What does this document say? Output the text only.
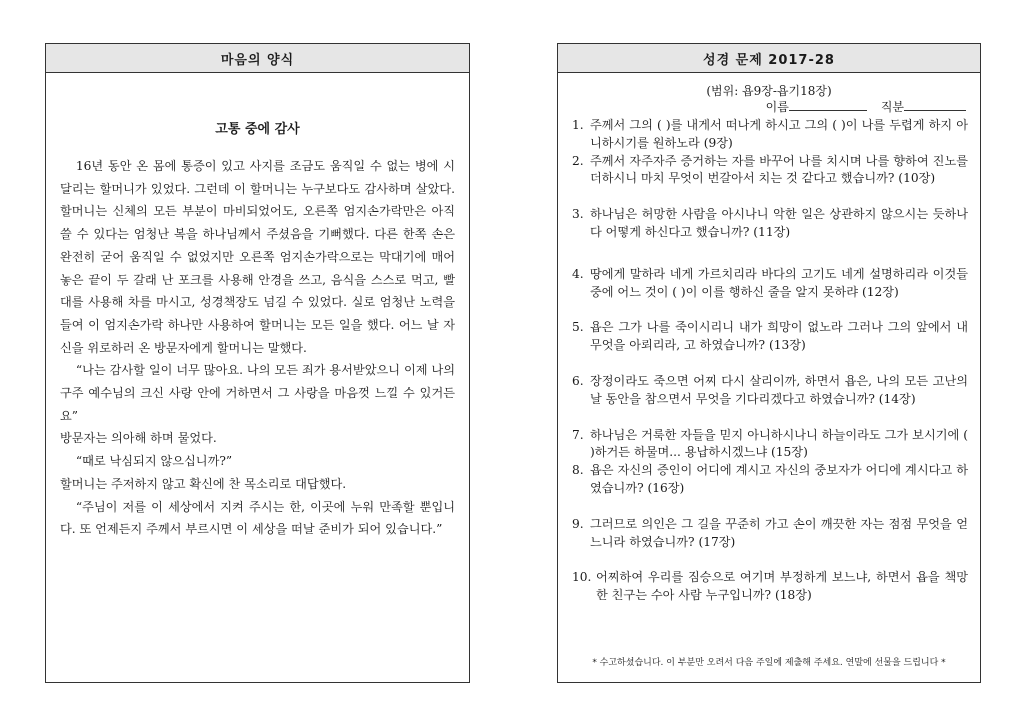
마음의 양식
고통 중에 감사

16년 동안 온 몸에 통증이 있고 사지를 조금도 움직일 수 없는 병에 시달리는 할머니가 있었다. 그런데 이 할머니는 누구보다도 감사하며 살았다. 할머니는 신체의 모든 부분이 마비되었어도, 오른쪽 엄지손가락만은 아직 쓸 수 있다는 엄청난 복을 하나님께서 주셨음을 기뻐했다. 다른 한쪽 손은 완전히 굳어 움직일 수 없었지만 오른쪽 엄지손가락으로는 막대기에 매어 놓은 끝이 두 갈래 난 포크를 사용해 안경을 쓰고, 음식을 스스로 먹고, 빨대를 사용해 차를 마시고, 성경책장도 넘길 수 있었다. 실로 엄청난 노력을 들여 이 엄지손가락 하나만 사용하여 할머니는 모든 일을 했다. 어느 날 자신을 위로하러 온 방문자에게 할머니는 말했다.

“나는 감사할 일이 너무 많아요. 나의 모든 죄가 용서받았으니 이제 나의 구주 예수님의 크신 사랑 안에 거하면서 그 사랑을 마음껏 느낄 수 있거든요”

방문자는 의아해 하며 물었다.

“때로 낙심되지 않으십니까?”

할머니는 주저하지 않고 확신에 찬 목소리로 대답했다.

“주님이 저를 이 세상에서 지켜 주시는 한, 이곳에 누워 만족할 뿐입니다. 또 언제든지 주께서 부르시면 이 세상을 떠날 준비가 되어 있습니다.”

성경 문제 2017-28
(범위: 욥9장-욥기18장)
이름	직분
1. 주께서 그의 ( )를 내게서 떠나게 하시고 그의 ( )이 나를 두렵게 하지 아니하시기를 원하노라 (9장)
2. 주께서 자주자주 증거하는 자를 바꾸어 나를 치시며 나를 향하여 진노를 더하시니 마치 무엇이 번갈아서 치는 것 같다고 했습니까? (10장)
3. 하나님은 허망한 사람을 아시나니 악한 일은 상관하지 않으시는 듯하나 다 어떻게 하신다고 했습니까? (11장)
4. 땅에게 말하라 네게 가르치리라 바다의 고기도 네게 설명하리라 이것들 중에 어느 것이 ( )이 이를 행하신 줄을 알지 못하랴 (12장)
5. 욥은 그가 나를 죽이시리니 내가 희망이 없노라 그러나 그의 앞에서 내 무엇을 아뢰리라, 고 하였습니까? (13장)
6. 장정이라도 죽으면 어찌 다시 살리이까, 하면서 욥은, 나의 모든 고난의 날 동안을 참으면서 무엇을 기다리겠다고 하였습니까? (14장)
7. 하나님은 거룩한 자들을 믿지 아니하시나니 하늘이라도 그가 보시기에 ( )하거든 하물며... 용납하시겠느냐 (15장)
8. 욥은 자신의 증인이 어디에 계시고 자신의 중보자가 어디에 계시다고 하였습니까? (16장)
9. 그러므로 의인은 그 길을 꾸준히 가고 손이 깨끗한 자는 점점 무엇을 얻느니라 하였습니까? (17장)
10. 어찌하여 우리를 짐승으로 여기며 부정하게 보느냐, 하면서 욥을 책망한 친구는 수아 사람 누구입니까? (18장)
* 수고하셨습니다. 이 부분만 오려서 다음 주일에 제출해 주세요. 연말에 선물을 드립니다 *
